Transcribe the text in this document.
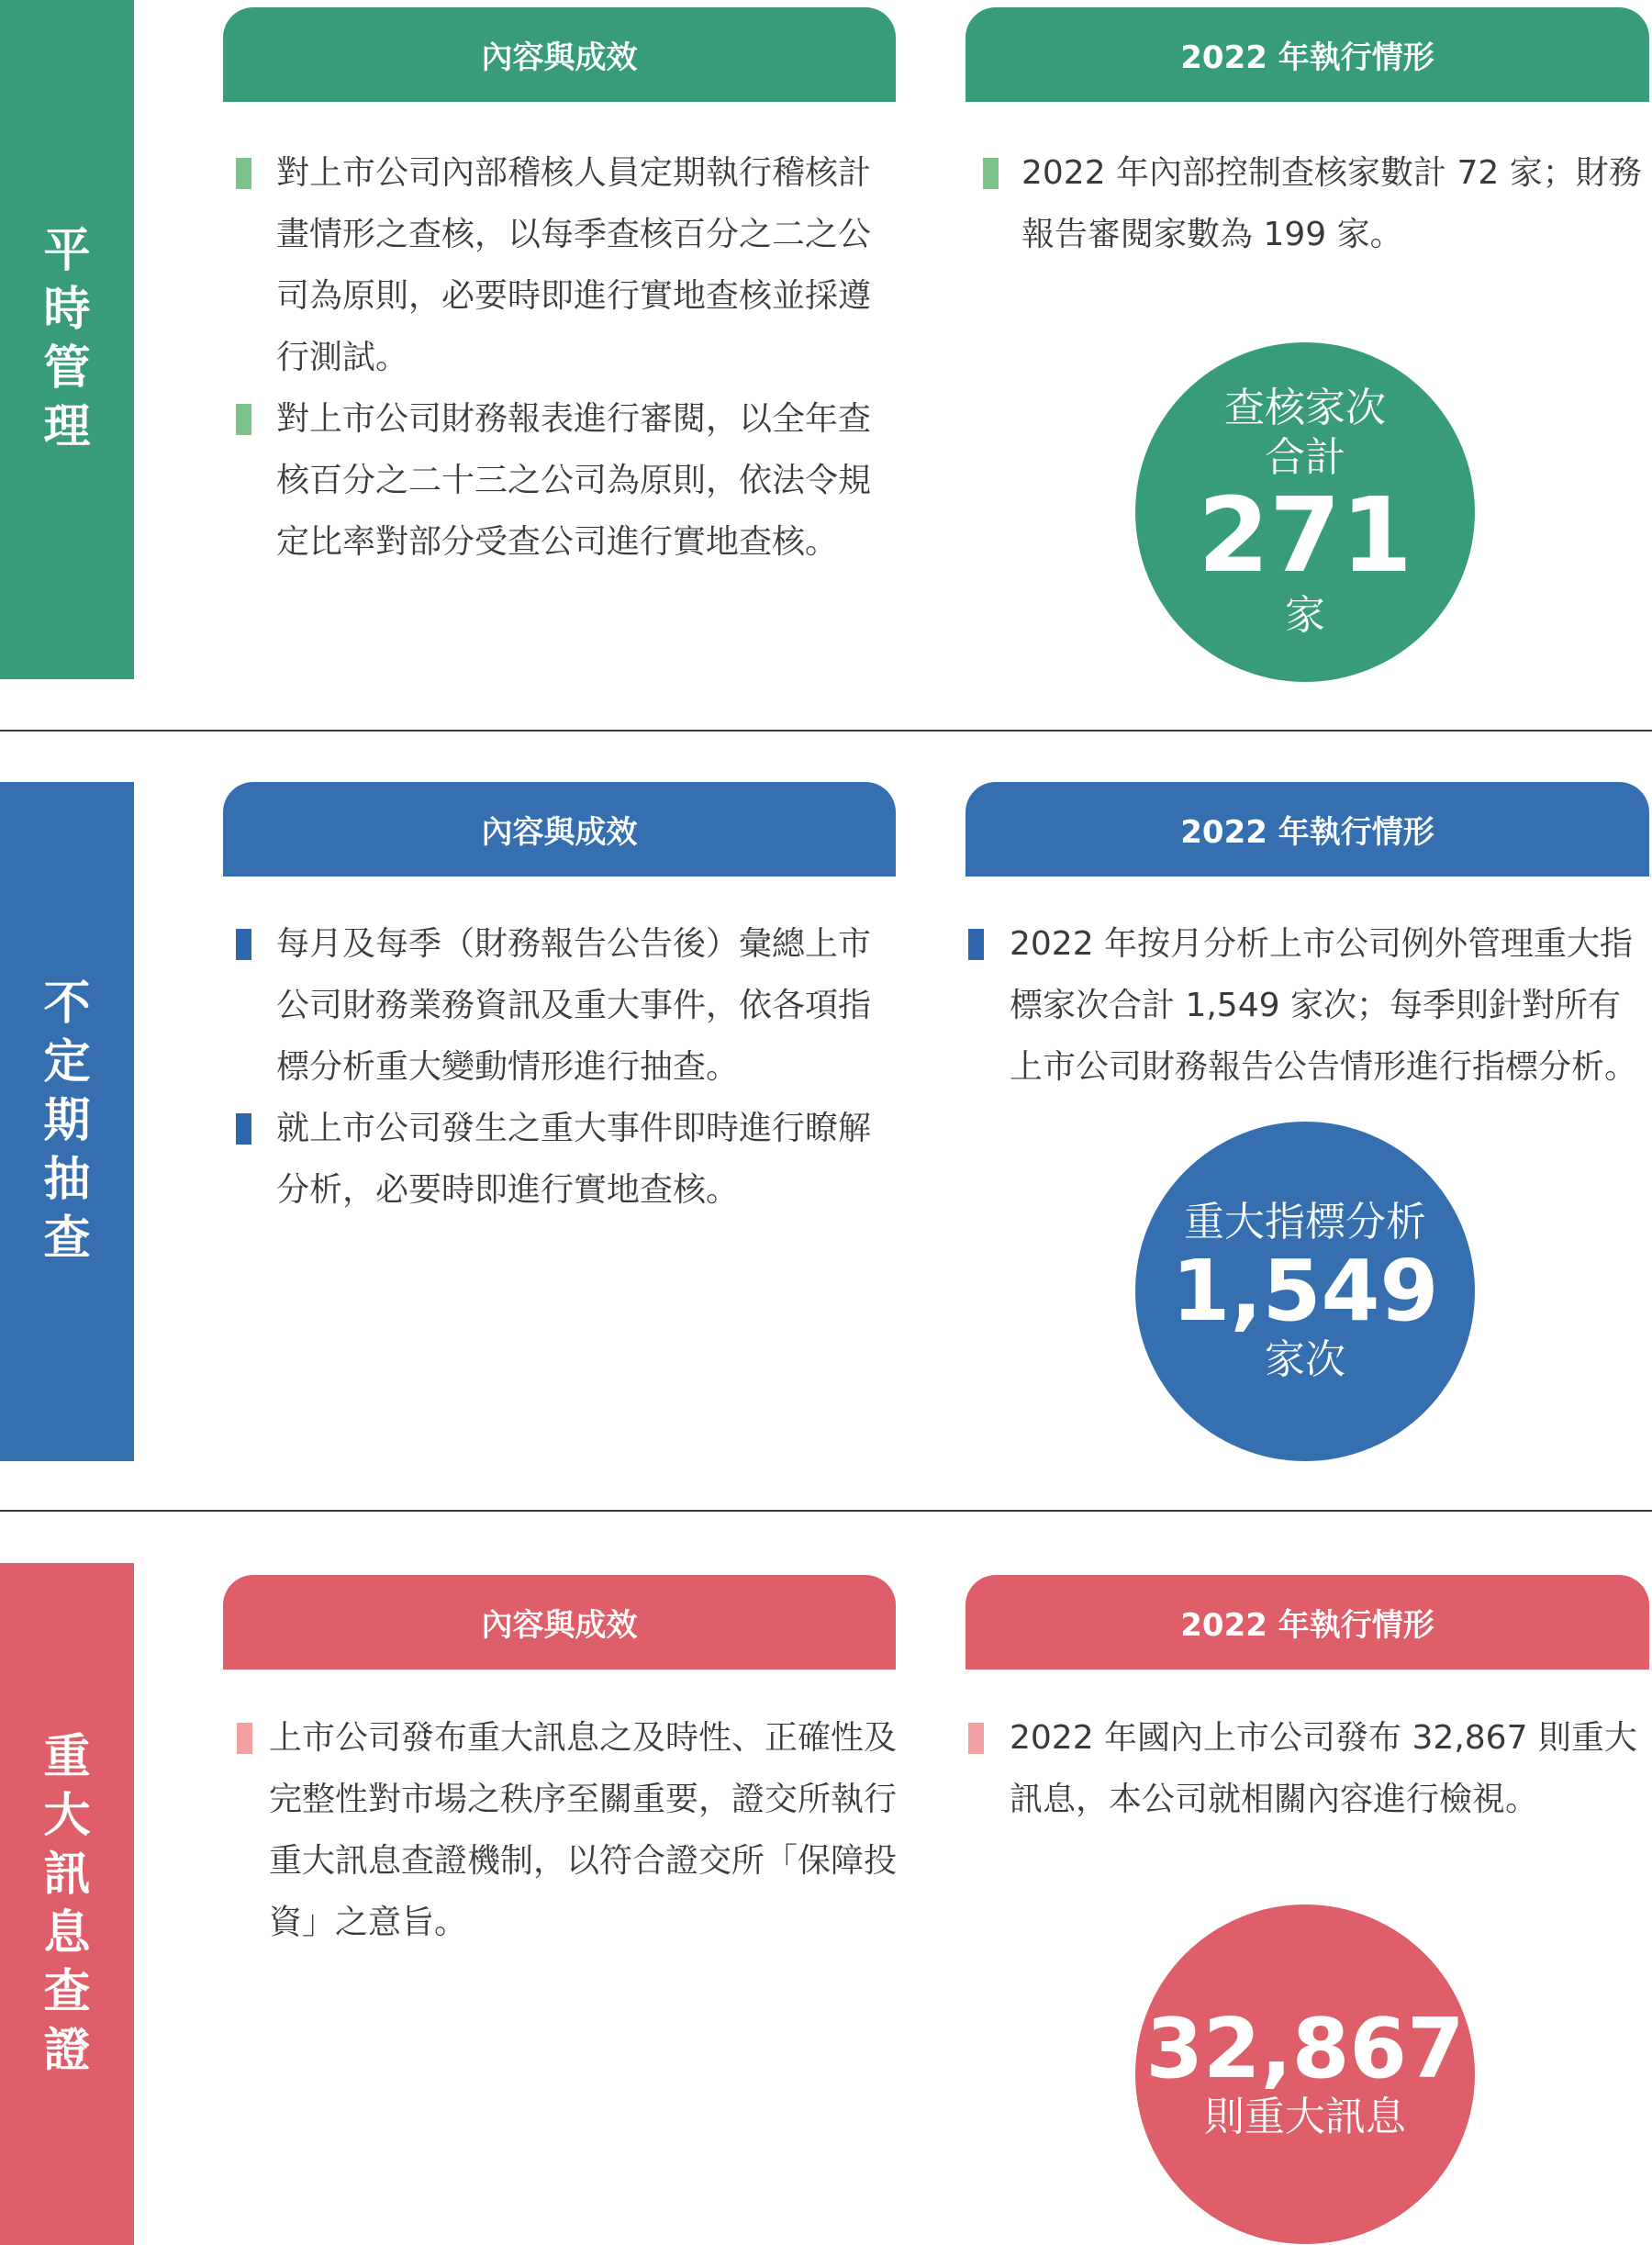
平時管理
內容與成效	2022 年執行情形
對上市公司內部稽核人員定期執行稽核計畫情形之查核，以每季查核百分之二之公司為原則，必要時即進行實地查核並採遵行測試。
對上市公司財務報表進行審閱，以全年查核百分之二十三之公司為原則，依法令規定比率對部分受查公司進行實地查核。
2022 年內部控制查核家數計 72 家；財務報告審閱家數為 199 家。
查核家次
合計
271
家
不定期抽查
內容與成效	2022 年執行情形
每月及每季（財務報告公告後）彙總上市公司財務業務資訊及重大事件，依各項指標分析重大變動情形進行抽查。
就上市公司發生之重大事件即時進行瞭解分析，必要時即進行實地查核。
2022 年按月分析上市公司例外管理重大指標家次合計 1,549 家次；每季則針對所有上市公司財務報告公告情形進行指標分析。
重大指標分析
1,549
家次
重大訊息查證
內容與成效	2022 年執行情形
上市公司發布重大訊息之及時性、正確性及完整性對市場之秩序至關重要，證交所執行重大訊息查證機制，以符合證交所「保障投資」之意旨。
2022 年國內上市公司發布 32,867 則重大訊息，本公司就相關內容進行檢視。
32,867
則重大訊息
